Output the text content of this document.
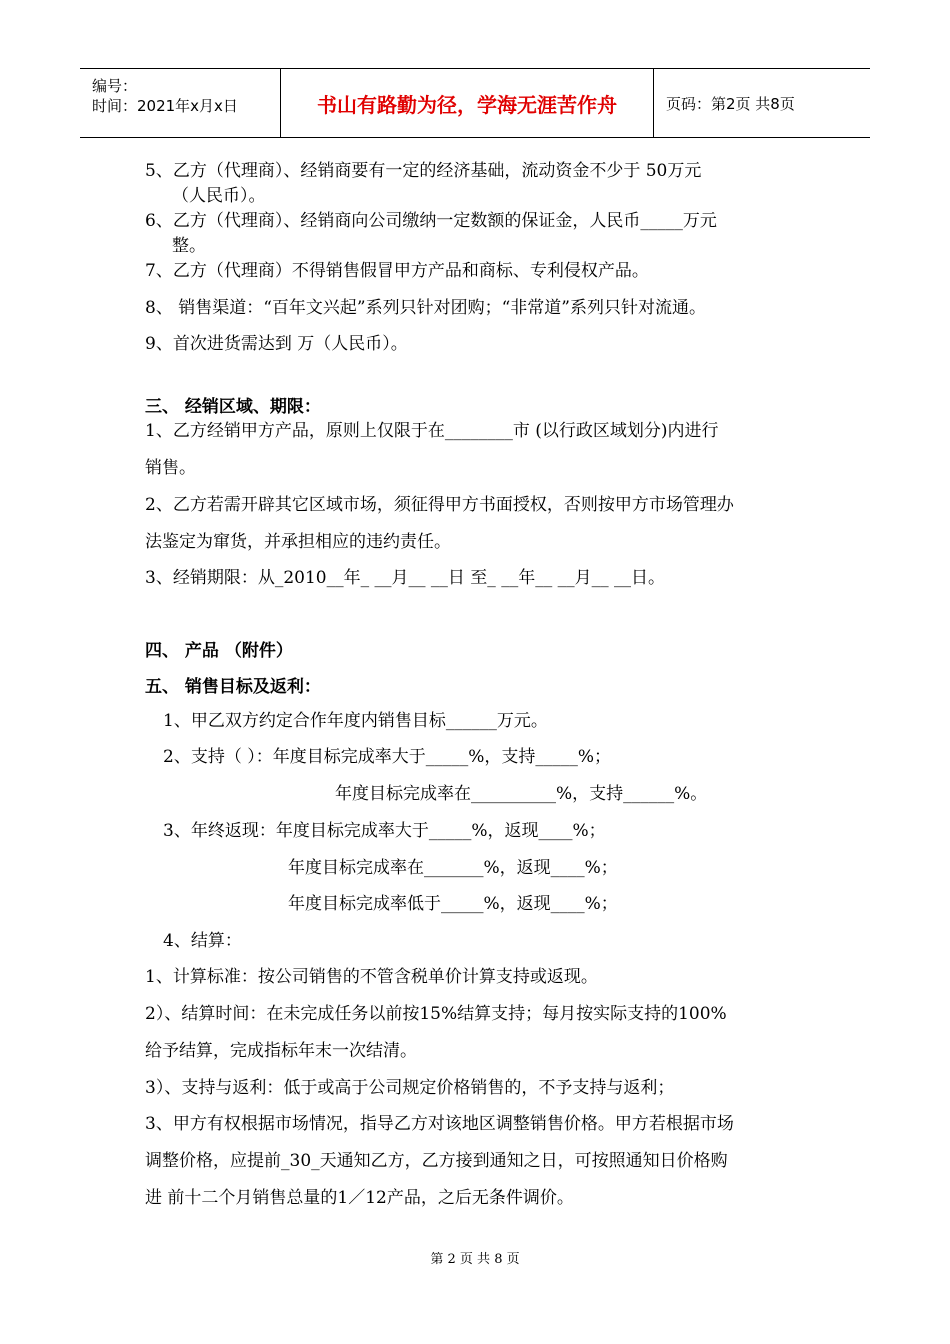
编号：
时间：2021年x月x日	书山有路勤为径，学海无涯苦作舟	页码：第2页 共8页
5、乙方（代理商）、经销商要有一定的经济基础，流动资金不少于 50万元
（人民币）。
6、乙方（代理商）、经销商向公司缴纳一定数额的保证金，人民币_____万元
整。
7、乙方（代理商）不得销售假冒甲方产品和商标、专利侵权产品。
8、 销售渠道：“百年文兴起”系列只针对团购；“非常道”系列只针对流通。
9、首次进货需达到 万（人民币）。
三、 经销区域、期限：
1、乙方经销甲方产品，原则上仅限于在________市 (以行政区域划分)内进行
销售。
2、乙方若需开辟其它区域市场，须征得甲方书面授权，否则按甲方市场管理办
法鉴定为窜货，并承担相应的违约责任。
3、经销期限：从_2010__年_ __月__ __日 至_ __年__ __月__ __日。
四、 产品 （附件）
五、 销售目标及返利：
1、甲乙双方约定合作年度内销售目标______万元。
2、支持（ ）：年度目标完成率大于_____%，支持_____%；
年度目标完成率在__________%，支持______%。
3、年终返现：年度目标完成率大于_____%，返现____%；
年度目标完成率在_______%，返现____%；
年度目标完成率低于_____%，返现____%；
4、结算：
1、计算标准：按公司销售的不管含税单价计算支持或返现。
2）、结算时间：在未完成任务以前按15%结算支持；每月按实际支持的100%
给予结算，完成指标年末一次结清。
3）、支持与返利：低于或高于公司规定价格销售的，不予支持与返利；
3、甲方有权根据市场情况，指导乙方对该地区调整销售价格。甲方若根据市场
调整价格，应提前_30_天通知乙方，乙方接到通知之日，可按照通知日价格购
进 前十二个月销售总量的1／12产品，之后无条件调价。
第 2 页 共 8 页
